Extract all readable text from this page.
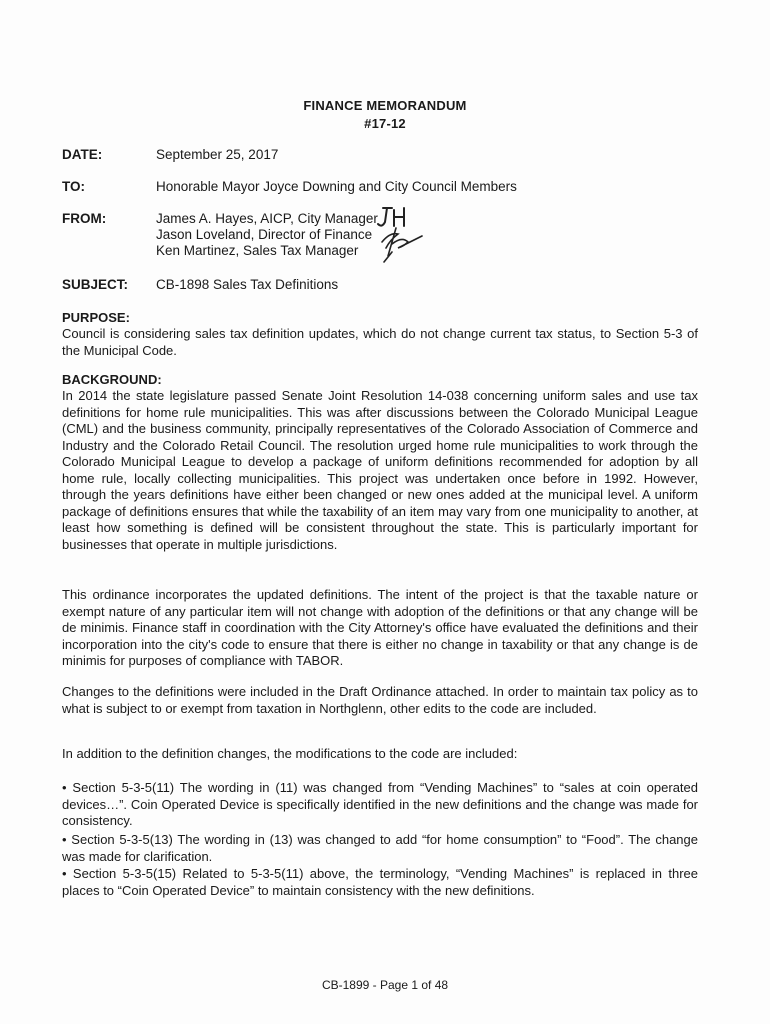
FINANCE MEMORANDUM
#17-12
DATE:	September 25, 2017
TO:	Honorable Mayor Joyce Downing and City Council Members
FROM:	James A. Hayes, AICP, City Manager
Jason Loveland, Director of Finance
Ken Martinez, Sales Tax Manager
SUBJECT:	CB-1898 Sales Tax Definitions
PURPOSE:
Council is considering sales tax definition updates, which do not change current tax status, to Section 5-3 of the Municipal Code.
BACKGROUND:
In 2014 the state legislature passed Senate Joint Resolution 14-038 concerning uniform sales and use tax definitions for home rule municipalities. This was after discussions between the Colorado Municipal League (CML) and the business community, principally representatives of the Colorado Association of Commerce and Industry and the Colorado Retail Council. The resolution urged home rule municipalities to work through the Colorado Municipal League to develop a package of uniform definitions recommended for adoption by all home rule, locally collecting municipalities. This project was undertaken once before in 1992. However, through the years definitions have either been changed or new ones added at the municipal level. A uniform package of definitions ensures that while the taxability of an item may vary from one municipality to another, at least how something is defined will be consistent throughout the state. This is particularly important for businesses that operate in multiple jurisdictions.
This ordinance incorporates the updated definitions. The intent of the project is that the taxable nature or exempt nature of any particular item will not change with adoption of the definitions or that any change will be de minimis. Finance staff in coordination with the City Attorney's office have evaluated the definitions and their incorporation into the city's code to ensure that there is either no change in taxability or that any change is de minimis for purposes of compliance with TABOR.
Changes to the definitions were included in the Draft Ordinance attached. In order to maintain tax policy as to what is subject to or exempt from taxation in Northglenn, other edits to the code are included.
In addition to the definition changes, the modifications to the code are included:
• Section 5-3-5(11) The wording in (11) was changed from “Vending Machines” to “sales at coin operated devices…”. Coin Operated Device is specifically identified in the new definitions and the change was made for consistency.
• Section 5-3-5(13) The wording in (13) was changed to add “for home consumption” to “Food”. The change was made for clarification.
• Section 5-3-5(15) Related to 5-3-5(11) above, the terminology, “Vending Machines” is replaced in three places to “Coin Operated Device” to maintain consistency with the new definitions.
CB-1899 - Page 1 of 48
